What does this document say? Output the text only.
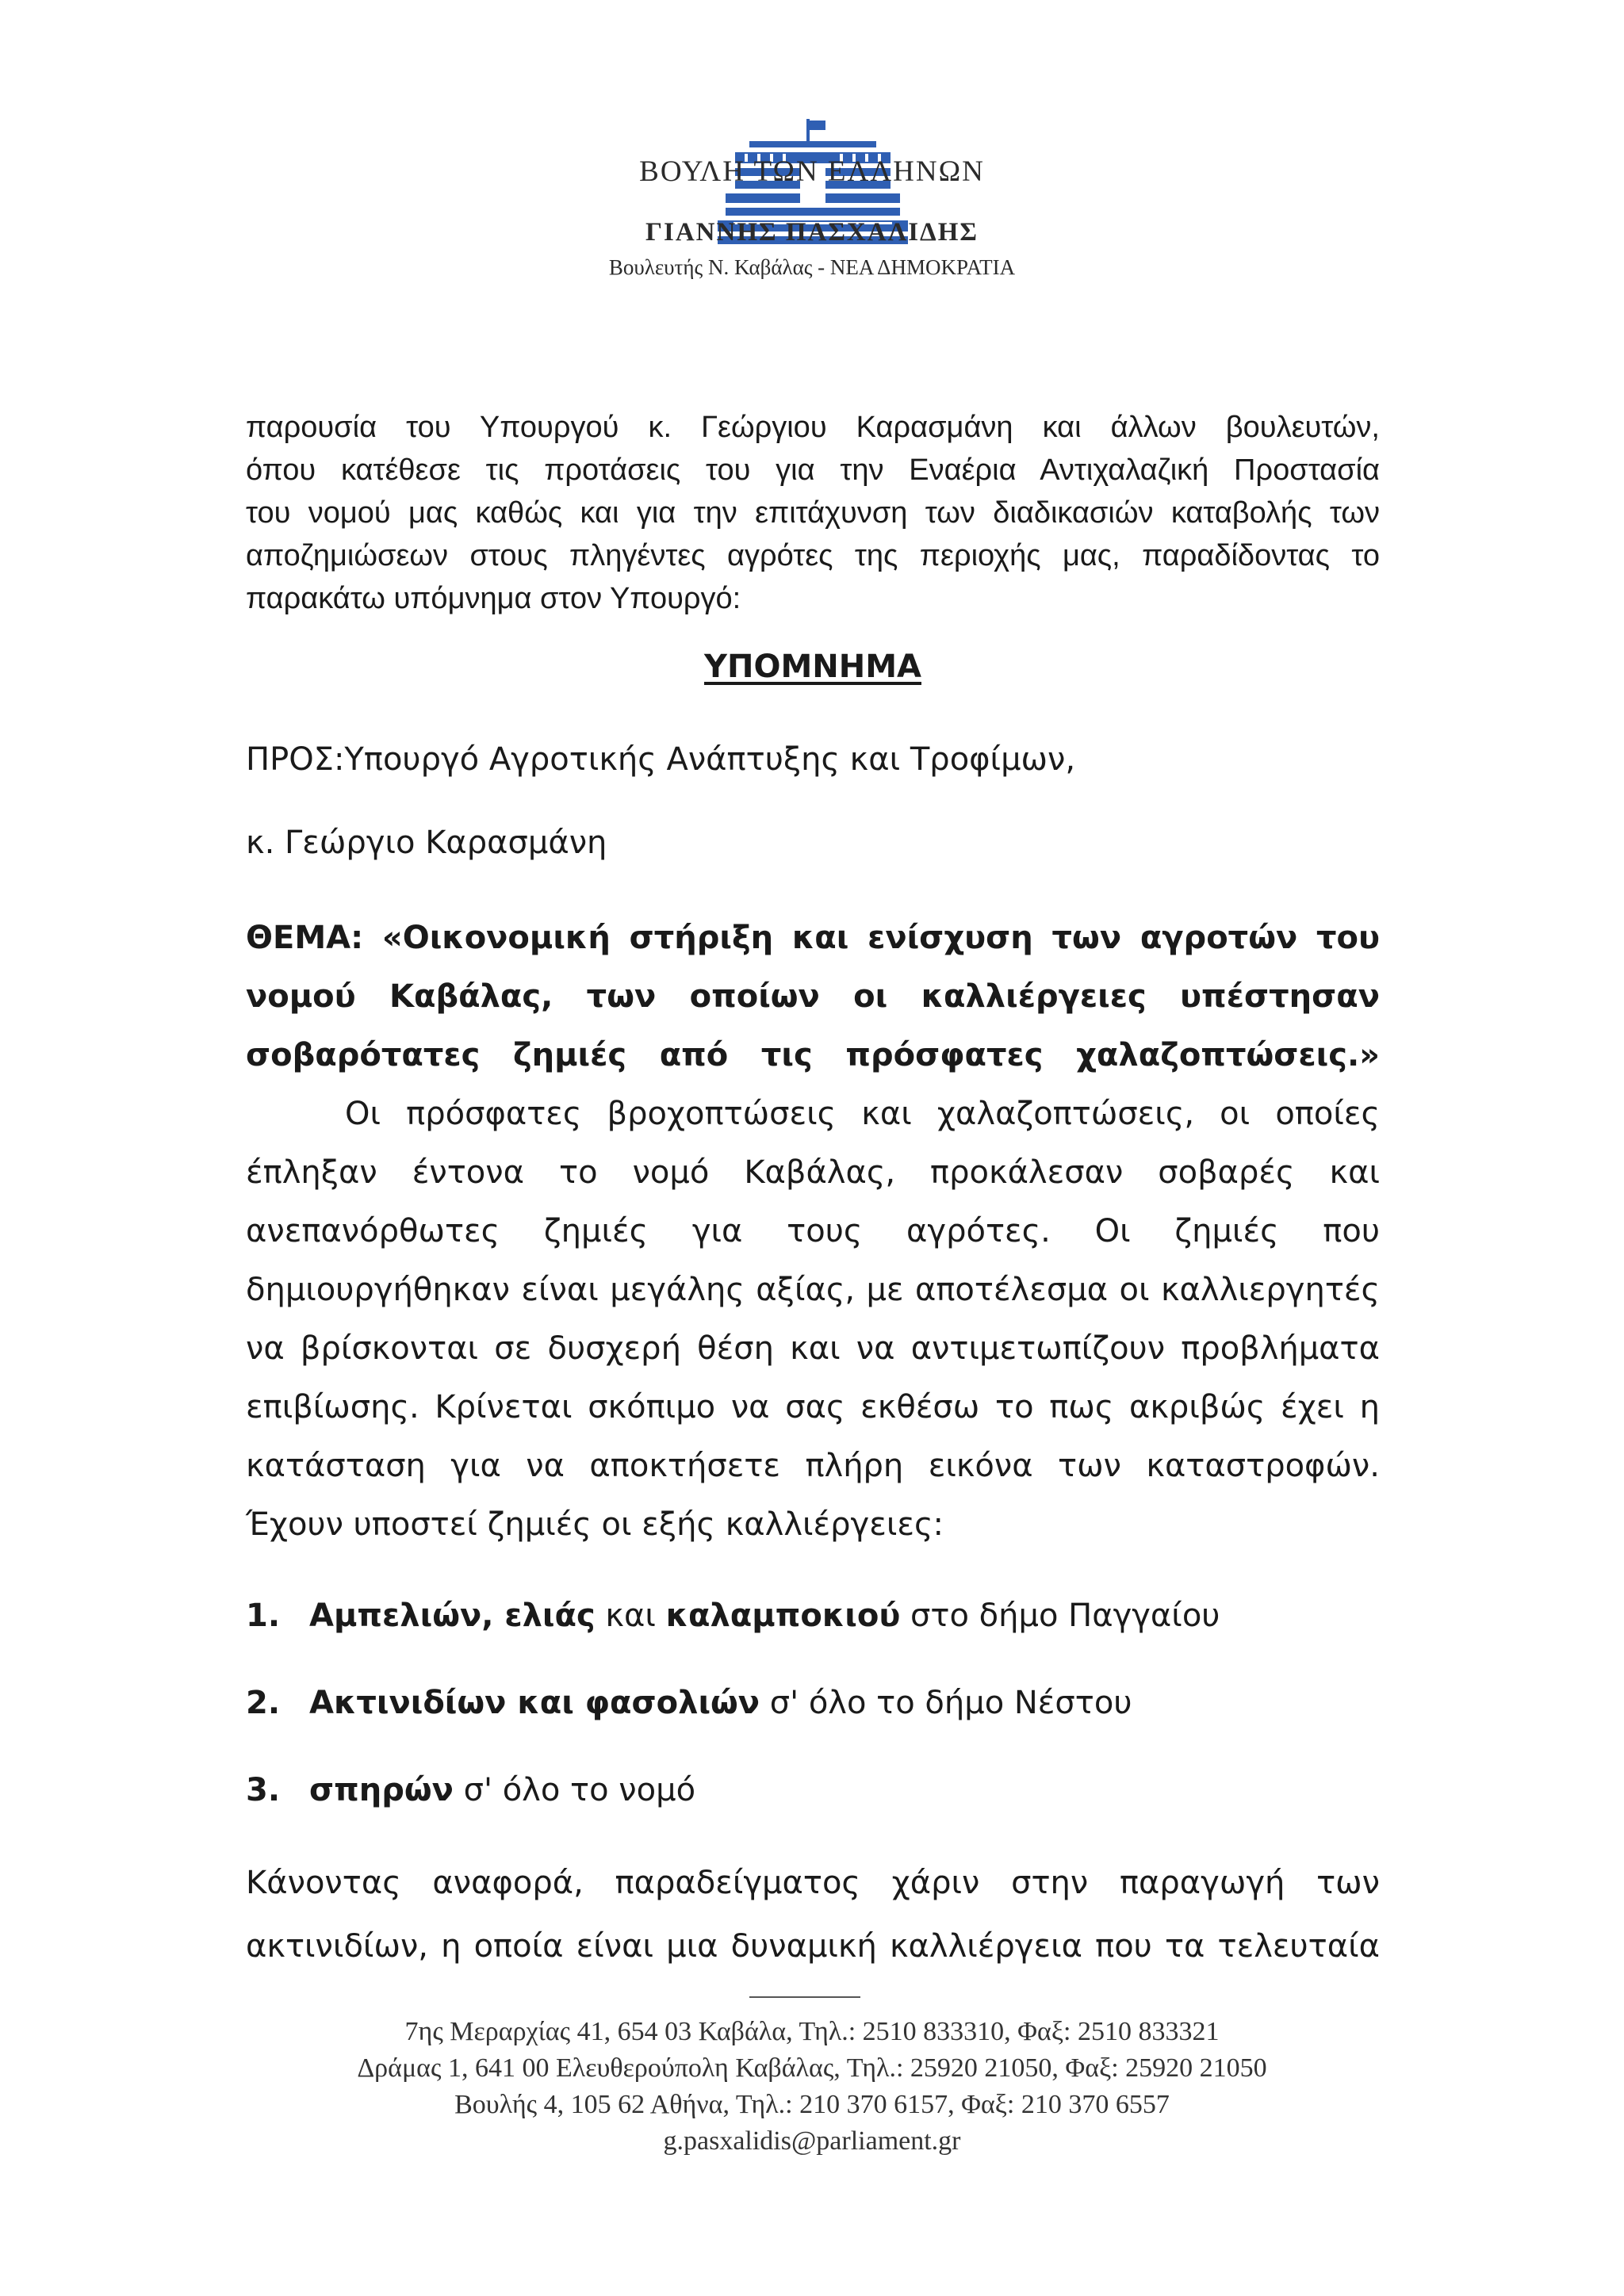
ΒΟΥΛΗ ΤΩΝ ΕΛΛΗΝΩΝ
ΓΙΑΝΝΗΣ ΠΑΣΧΑΛΙΔΗΣ
Βουλευτής Ν. Καβάλας - ΝΕΑ ΔΗΜΟΚΡΑΤΙΑ
παρουσία του Υπουργού κ. Γεώργιου Καρασμάνη και άλλων βουλευτών,
όπου κατέθεσε τις προτάσεις του για την Εναέρια Αντιχαλαζική Προστασία
του νομού μας καθώς και για την επιτάχυνση των διαδικασιών καταβολής των
αποζημιώσεων στους πληγέντες αγρότες της περιοχής μας, παραδίδοντας το
παρακάτω υπόμνημα στον Υπουργό:
ΥΠΟΜΝΗΜΑ
ΠΡΟΣ:Υπουργό Αγροτικής Ανάπτυξης και Τροφίμων,
κ. Γεώργιο Καρασμάνη
ΘΕΜΑ: «Οικονομική στήριξη και ενίσχυση των αγροτών του
νομού Καβάλας, των οποίων οι καλλιέργειες υπέστησαν
σοβαρότατες ζημιές από τις πρόσφατες χαλαζοπτώσεις.»
Οι πρόσφατες βροχοπτώσεις και χαλαζοπτώσεις, οι οποίες
έπληξαν έντονα το νομό Καβάλας, προκάλεσαν σοβαρές και
ανεπανόρθωτες ζημιές για τους αγρότες. Οι ζημιές που
δημιουργήθηκαν είναι μεγάλης αξίας, με αποτέλεσμα οι καλλιεργητές
να βρίσκονται σε δυσχερή θέση και να αντιμετωπίζουν προβλήματα
επιβίωσης. Κρίνεται σκόπιμο να σας εκθέσω το πως ακριβώς έχει η
κατάσταση για να αποκτήσετε πλήρη εικόνα των καταστροφών.
Έχουν υποστεί ζημιές οι εξής καλλιέργειες:
1. Αμπελιών, ελιάς και καλαμποκιού στο δήμο Παγγαίου
2. Ακτινιδίων και φασολιών σ' όλο το δήμο Νέστου
3. σπηρών σ' όλο το νομό
Κάνοντας αναφορά, παραδείγματος χάριν στην παραγωγή των
ακτινιδίων, η οποία είναι μια δυναμική καλλιέργεια που τα τελευταία
7ης Μεραρχίας 41, 654 03 Καβάλα, Τηλ.: 2510 833310, Φαξ: 2510 833321
Δράμας 1, 641 00 Ελευθερούπολη Καβάλας, Τηλ.: 25920 21050, Φαξ: 25920 21050
Βουλής 4, 105 62 Αθήνα, Τηλ.: 210 370 6157, Φαξ: 210 370 6557
g.pasxalidis@parliament.gr
